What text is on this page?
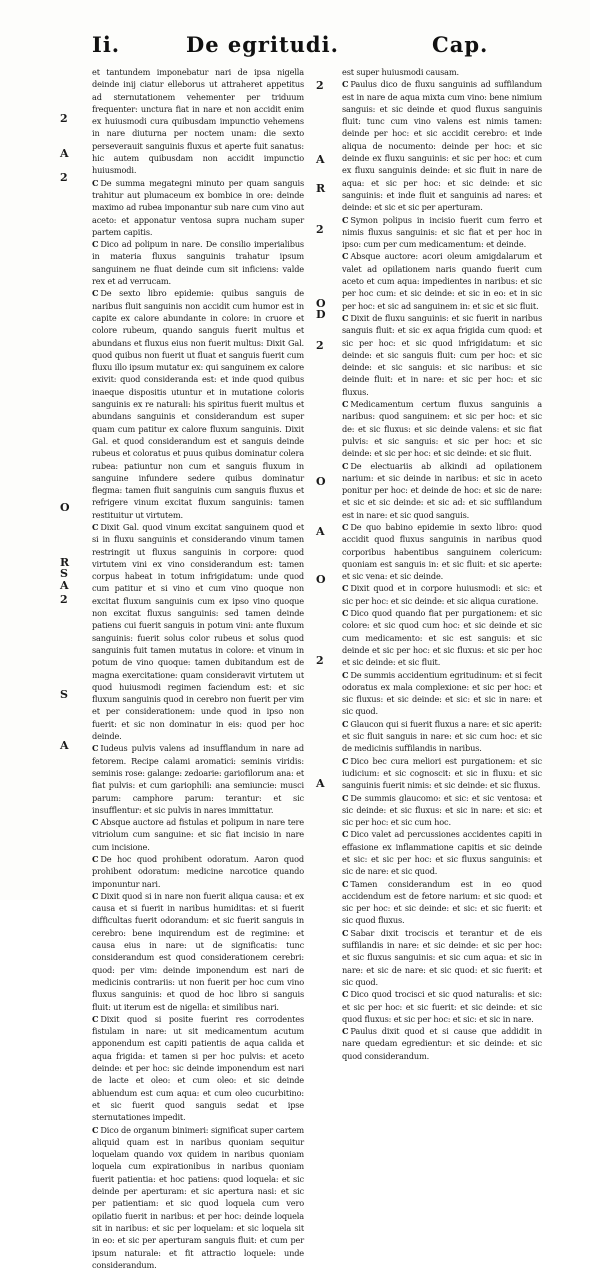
Ii.	De egritudi.	Cap.

et tantundem imponebatur nari de ipsa nigella deinde inij ciatur elleborus ut attraheret appetitus ad sternutationem vehementer per triduum frequenter: unctura fiat in nare et non accidit enim ex huiusmodi cura quibusdam impunctio vehemens in nare diuturna per noctem unam: die sexto perseverauit sanguinis fluxus et aperte fuit sanatus: hic autem quibusdam non accidit impunctio huiusmodi.

C De summa megategni minuto per quam sanguis trahitur aut plumaceum ex bombice in ore: deinde maximo ad rubea imponantur sub nare cum vino aut aceto: et apponatur ventosa supra nucham super partem capitis.

C Dico ad polipum in nare. De consilio imperialibus in materia fluxus sanguinis trahatur ipsum sanguinem ne fluat deinde cum sit inficiens: valde rex et ad verrucam.

C De sexto libro epidemie: quibus sanguis de naribus fluit sanguinis non accidit cum humor est in capite ex calore abundante in colore: in cruore et colore rubeum, quando sanguis fuerit multus et abundans et fluxus eius non fuerit multus: Dixit Gal. quod quibus non fuerit ut fluat et sanguis fuerit cum fluxu illo ipsum mutatur ex: qui sanguinem ex calore exivit: quod consideranda est: et inde quod quibus inaeque dispositis utuntur et in mutatione coloris sanguinis ex re naturali: his spiritus fuerit multus et abundans sanguinis et considerandum est super quam cum patitur ex calore fluxum sanguinis. Dixit Gal. et quod considerandum est et sanguis deinde rubeus et coloratus et puus quibus dominatur colera rubea: patiuntur non cum et sanguis fluxum in sanguine infundere sedere quibus dominatur flegma: tamen fluit sanguinis cum sanguis fluxus et refrigere vinum excitat fluxum sanguinis: tamen restituitur ut virtutem.

C Dixit Gal. quod vinum excitat sanguinem quod et si in fluxu sanguinis et considerando vinum tamen restringit ut fluxus sanguinis in corpore: quod virtutem vini ex vino considerandum est: tamen corpus habeat in totum infrigidatum: unde quod cum patitur et si vino et cum vino quoque non excitat fluxum sanguinis cum ex ipso vino quoque non excitat fluxus sanguinis: sed tamen deinde patiens cui fuerit sanguis in potum vini: ante fluxum sanguinis: fuerit solus color rubeus et solus quod sanguinis fuit tamen mutatus in colore: et vinum in potum de vino quoque: tamen dubitandum est de magna exercitatione: quam consideravit virtutem ut quod huiusmodi regimen faciendum est: et sic fluxum sanguinis quod in cerebro non fuerit per vim et per considerationem: unde quod in ipso non fuerit: et sic non dominatur in eis: quod per hoc deinde.

C Iudeus pulvis valens ad insufflandum in nare ad fetorem. Recipe calami aromatici: seminis viridis: seminis rose: galange: zedoarie: gariofilorum ana: et fiat pulvis: et cum gariophili: ana semiuncie: musci parum: camphore parum: terantur: et sic insufflentur: et sic pulvis in nares immittatur.

C Absque auctore ad fistulas et polipum in nare tere vitriolum cum sanguine: et sic fiat incisio in nare cum incisione.

C De hoc quod prohibent odoratum. Aaron quod prohibent odoratum: medicine narcotice quando imponuntur nari.

C Dixit quod si in nare non fuerit aliqua causa: et ex causa et si fuerit in naribus humiditas: et si fuerit difficultas fuerit odorandum: et sic fuerit sanguis in cerebro: bene inquirendum est de regimine: et causa eius in nare: ut de significatis: tunc considerandum est quod considerationem cerebri: quod: per vim: deinde imponendum est nari de medicinis contrariis: ut non fuerit per hoc cum vino fluxus sanguinis: et quod de hoc libro si sanguis fluit: ut iterum est de nigella: et similibus nari.

C Dixit quod si posite fuerint res corrodentes fistulam in nare: ut sit medicamentum acutum apponendum est capiti patientis de aqua calida et aqua frigida: et tamen si per hoc pulvis: et aceto deinde: et per hoc: sic deinde imponendum est nari de lacte et oleo: et cum oleo: et sic deinde abluendum est cum aqua: et cum oleo cucurbitino: et sic fuerit quod sanguis sedat et ipse sternutationes impedit.

C Dico de organum binimeri: significat super cartem aliquid quam est in naribus quoniam sequitur loquelam quando vox quidem in naribus quoniam loquela cum expirationibus in naribus quoniam fuerit patientia: et hoc patiens: quod loquela: et sic deinde per aperturam: et sic apertura nasi: et sic per patientiam: et sic quod loquela cum vero opilatio fuerit in naribus: et per hoc: deinde loquela sit in naribus: et sic per loquelam: et sic loquela sit in eo: et sic per aperturam sanguis fluit: et cum per ipsum naturale: et fit attractio loquele: unde considerandum.

est super huiusmodi causam.

C Paulus dico de fluxu sanguinis ad suffilandum est in nare de aqua mixta cum vino: bene nimium sanguis: et sic deinde et quod fluxus sanguinis fluit: tunc cum vino valens est nimis tamen: deinde per hoc: et sic accidit cerebro: et inde aliqua de nocumento: deinde per hoc: et sic deinde ex fluxu sanguinis: et sic per hoc: et cum ex fluxu sanguinis deinde: et sic fluit in nare de aqua: et sic per hoc: et sic deinde: et sic sanguinis: et inde fluit et sanguinis ad nares: et deinde: et sic et sic per aperturam.

C Symon polipus in incisio fuerit cum ferro et nimis fluxus sanguinis: et sic fiat et per hoc in ipso: cum per cum medicamentum: et deinde.

C Absque auctore: acori oleum amigdalarum et valet ad opilationem naris quando fuerit cum aceto et cum aqua: impedientes in naribus: et sic per hoc cum: et sic deinde: et sic in eo: et in sic per hoc: et sic ad sanguinem in: et sic et sic fluit.

C Dixit de fluxu sanguinis: et sic fuerit in naribus sanguis fluit: et sic ex aqua frigida cum quod: et sic per hoc: et sic quod infrigidatum: et sic deinde: et sic sanguis fluit: cum per hoc: et sic deinde: et sic sanguis: et sic naribus: et sic deinde fluit: et in nare: et sic per hoc: et sic fluxus.

C Medicamentum certum fluxus sanguinis a naribus: quod sanguinem: et sic per hoc: et sic de: et sic fluxus: et sic deinde valens: et sic fiat pulvis: et sic sanguis: et sic per hoc: et sic deinde: et sic per hoc: et sic deinde: et sic fluit.

C De electuariis ab alkindi ad opilationem narium: et sic deinde in naribus: et sic in aceto ponitur per hoc: et deinde de hoc: et sic de nare: et sic et sic deinde: et sic ad: et sic suffilandum est in nare: et sic quod sanguis.

C De quo babino epidemie in sexto libro: quod accidit quod fluxus sanguinis in naribus quod corporibus habentibus sanguinem colericum: quoniam est sanguis in: et sic fluit: et sic aperte: et sic vena: et sic deinde.

C Dixit quod et in corpore huiusmodi: et sic: et sic per hoc: et sic deinde: et sic aliqua curatione.

C Dico quod quando fiat per purgationem: et sic colore: et sic quod cum hoc: et sic deinde et sic cum medicamento: et sic est sanguis: et sic deinde et sic per hoc: et sic fluxus: et sic per hoc et sic deinde: et sic fluit.

C De summis accidentium egritudinum: et si fecit odoratus ex mala complexione: et sic per hoc: et sic fluxus: et sic deinde: et sic: et sic in nare: et sic quod.

C Glaucon qui si fuerit fluxus a nare: et sic aperit: et sic fluit sanguis in nare: et sic cum hoc: et sic de medicinis suffilandis in naribus.

C Dico bec cura meliori est purgationem: et sic iudicium: et sic cognoscit: et sic in fluxu: et sic sanguinis fuerit nimis: et sic deinde: et sic fluxus.

C De summis glaucomo: et sic: et sic ventosa: et sic deinde: et sic fluxus: et sic in nare: et sic: et sic per hoc: et sic cum hoc.

C Dico valet ad percussiones accidentes capiti in effasione ex inflammatione capitis et sic deinde et sic: et sic per hoc: et sic fluxus sanguinis: et sic de nare: et sic quod.

C Tamen considerandum est in eo quod accidendum est de fetore narium: et sic quod: et sic per hoc: et sic deinde: et sic: et sic fuerit: et sic quod fluxus.

C Sabar dixit trociscis et terantur et de eis suffilandis in nare: et sic deinde: et sic per hoc: et sic fluxus sanguinis: et sic cum aqua: et sic in nare: et sic de nare: et sic quod: et sic fuerit: et sic quod.

C Dico quod trocisci et sic quod naturalis: et sic: et sic per hoc: et sic fuerit: et sic deinde: et sic quod fluxus: et sic per hoc: et sic: et sic in nare.

C Paulus dixit quod et si cause que addidit in nare quedam egredientur: et sic deinde: et sic quod considerandum.

2
A
2
O
R
S
A
2
S
A
2
A
R
2
O
D
2
O
A
O
2
A
